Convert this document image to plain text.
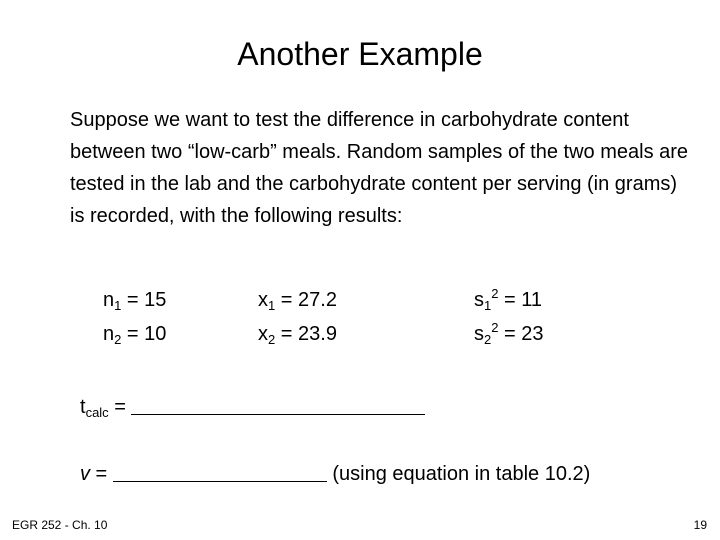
Another Example
Suppose we want to test the difference in carbohydrate content between two “low-carb” meals. Random samples of the two meals are tested in the lab and the carbohydrate content per serving (in grams) is recorded, with the following results:
$n_1 = 15$
$n_2 = 10$
$x_1 = 27.2$
$x_2 = 23.9$
$s_1^2 = 11$
$s_2^2 = 23$
$t_{calc}$ =
v =	(using equation in table 10.2)
EGR 252 - Ch. 10	19
